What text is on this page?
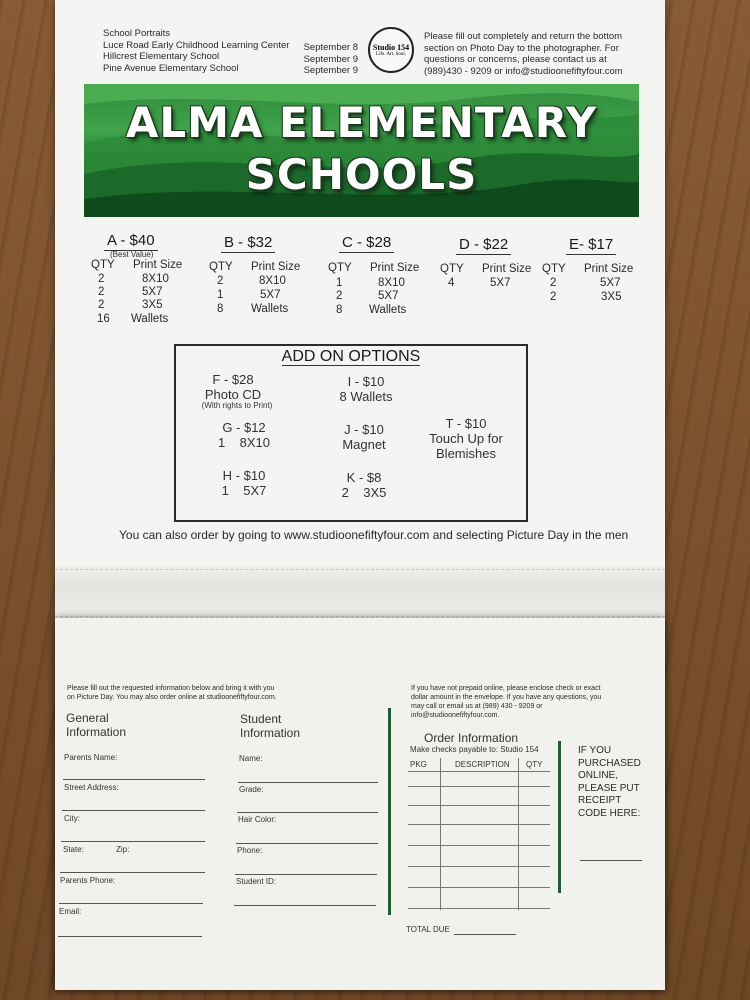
School Portraits
Luce Road Early Childhood Learning Center
Hillcrest Elementary School
Pine Avenue Elementary School
September 8
September 9
September 9
Studio 154
Life. Art. Soul.
Please fill out completely and return the bottom
section on Photo Day to the photographer. For
questions or concerns, please contact us at
(989)430 - 9209 or info@studioonefiftyfour.com
ALMA ELEMENTARY
SCHOOLS
A - $40
(Best Value)
QTY Print Size
2	8X10
2	5X7
2	3X5
16 Wallets
B - $32
QTY Print Size
2	8X10
1	5X7
8 Wallets
C - $28
QTY Print Size
1	8X10
2	5X7
8 Wallets
D - $22
QTY Print Size
4	5X7
E- $17
QTY Print Size
2	5X7
2	3X5
ADD ON OPTIONS
F - $28
Photo CD
(With rights to Print)
I - $10
8 Wallets
G - $12
1 8X10
J - $10
Magnet
T - $10
Touch Up for
Blemishes
H - $10
1 5X7
K - $8
2 3X5
You can also order by going to www.studioonefiftyfour.com and selecting Picture Day in the men
Please fill out the requested information below and bring it with you
on Picture Day. You may also order online at studioonefiftyfour.com.
If you have not prepaid online, please enclose check or exact
dollar amount in the envelope. If you have any questions, you
may call or email us at (989) 430 - 9209 or
info@studioonefiftyfour.com.
General
Information
Parents Name:
Street Address:
City:
State:	Zip:
Parents Phone:
Email:
Student
Information
Name:
Grade:
Hair Color:
Phone:
Student ID:
Order Information
Make checks payable to: Studio 154
PKG	DESCRIPTION QTY
TOTAL DUE
IF YOU
PURCHASED
ONLINE,
PLEASE PUT
RECEIPT
CODE HERE:
